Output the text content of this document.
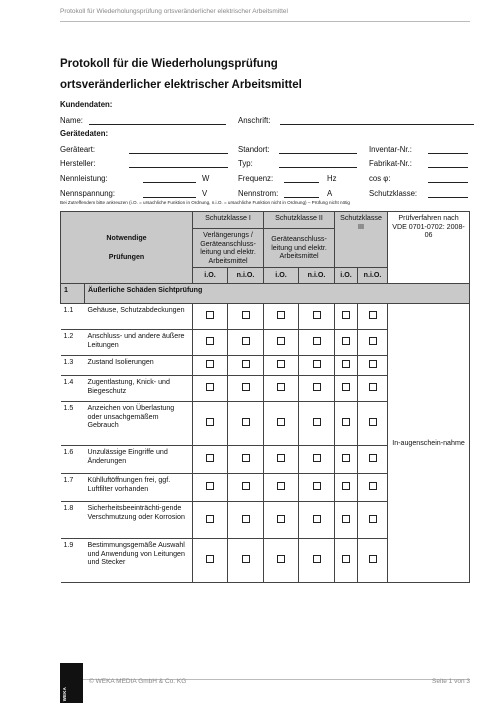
Protokoll für Wiederholungsprüfung ortsveränderlicher elektrischer Arbeitsmittel
Protokoll für die Wiederholungsprüfung
ortsveränderlicher elektrischer Arbeitsmittel
Kundendaten:
Name:	Anschrift:
Gerätedaten:
Geräteart:	Standort:	Inventar-Nr.:
Hersteller:	Typ:	Fabrikat-Nr.:
Nennleistung:	W	Frequenz:	Hz	cos φ:
Nennspannung:	V	Nennstrom:	A	Schutzklasse:
Bei Zutreffendem bitte ankreuzen (i.O. = ursachliche Funktion in Ordnung, n.i.O. = ursachliche Funktion nicht in Ordnung) – Prüfung nicht nötig
Notwendige
Prüfungen		Schutzklasse I		Schutzklasse II		Schutzklasse III		Prüfverfahren nach VDE 0701-0702: 2008-06
		Verlängerungs / Geräteanschluss-leitung und elektr. Arbeitsmittel		Geräteanschluss-leitung und elektr. Arbeitsmittel				
		i.O.	n.i.O.	i.O.	n.i.O.	i.O.	n.i.O.	
1	Äußerliche Schäden Sichtprüfung							
1.1	Gehäuse, Schutzabdeckungen							In-augenschein-nahme
1.2	Anschluss- und andere äußere Leitungen							
1.3	Zustand Isolierungen							
1.4	Zugentlastung, Knick- und Biegeschutz							
1.5	Anzeichen von Überlastung oder unsachgemäßem Gebrauch							
1.6	Unzulässige Eingriffe und Änderungen							
1.7	Kühlluftöffnungen frei, ggf. Luftfilter vorhanden							
1.8	Sicherheitsbeeinträchti-gende Verschmutzung oder Korrosion							
1.9	Bestimmungsgemäße Auswahl und Anwendung von Leitungen und Stecker							
WEKA
© WEKA MEDIA GmbH & Co. KG	Seite 1 von 3
